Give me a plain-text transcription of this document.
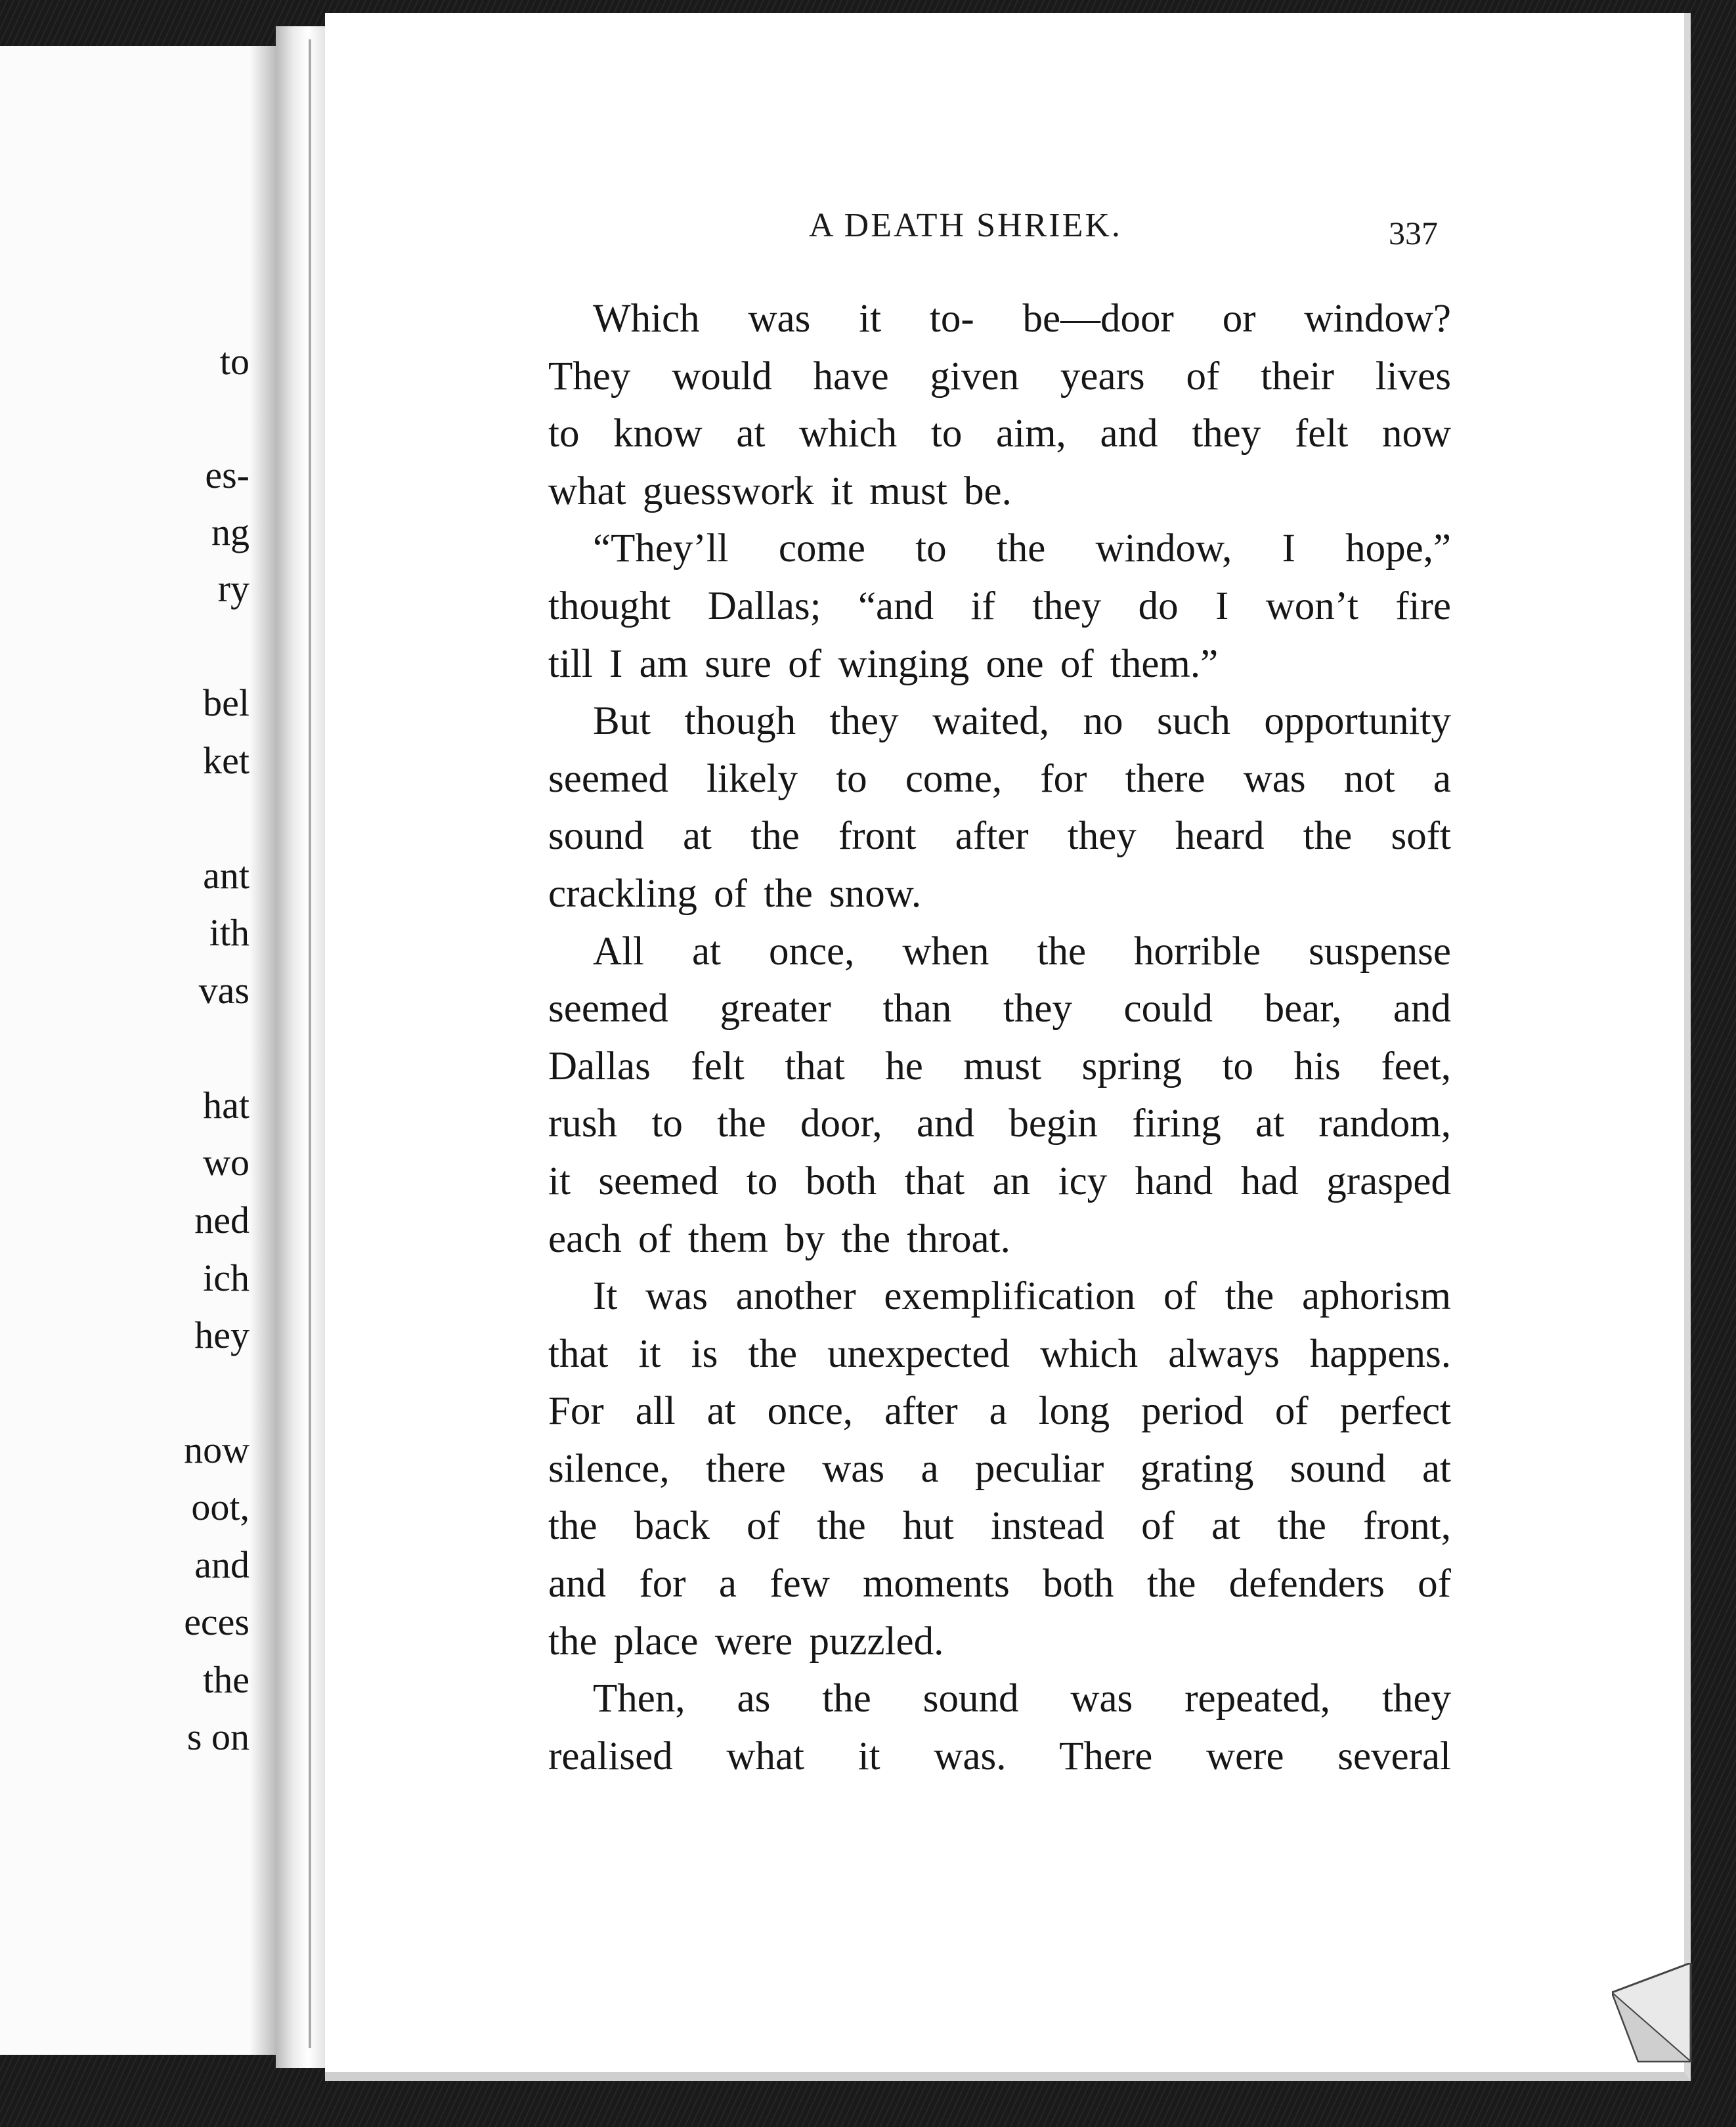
to
es-
ng
ry
bel
ket
ant
ith
vas
hat
wo
ned
ich
hey
now
oot,
and
eces
the
s on
A DEATH SHRIEK.	337
Which was it to- be—door or window?
They would have given years of their lives
to know at which to aim, and they felt now
what guesswork it must be.
“They’ll come to the window, I hope,”
thought Dallas; “and if they do I won’t fire
till I am sure of winging one of them.”
But though they waited, no such opportunity
seemed likely to come, for there was not a
sound at the front after they heard the soft
crackling of the snow.
All at once, when the horrible suspense
seemed greater than they could bear, and
Dallas felt that he must spring to his feet,
rush to the door, and begin firing at random,
it seemed to both that an icy hand had grasped
each of them by the throat.
It was another exemplification of the aphorism
that it is the unexpected which always happens.
For all at once, after a long period of perfect
silence, there was a peculiar grating sound at
the back of the hut instead of at the front,
and for a few moments both the defenders of
the place were puzzled.
Then, as the sound was repeated, they
realised what it was. There were several
